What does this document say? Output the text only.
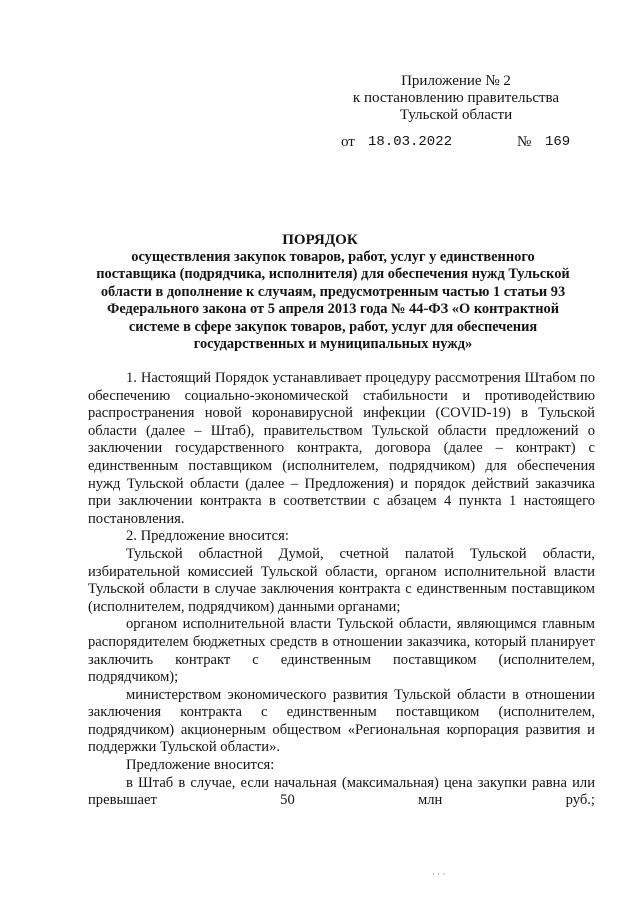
Приложение № 2
к постановлению правительства
Тульской области
от 18.03.2022	№ 169
ПОРЯДОК
осуществления закупок товаров, работ, услуг у единственного поставщика (подрядчика, исполнителя) для обеспечения нужд Тульской области в дополнение к случаям, предусмотренным частью 1 статьи 93 Федерального закона от 5 апреля 2013 года № 44-ФЗ «О контрактной системе в сфере закупок товаров, работ, услуг для обеспечения государственных и муниципальных нужд»

1. Настоящий Порядок устанавливает процедуру рассмотрения Штабом по обеспечению социально-экономической стабильности и противодействию распространения новой коронавирусной инфекции (COVID-19) в Тульской области (далее – Штаб), правительством Тульской области предложений о заключении государственного контракта, договора (далее – контракт) с единственным поставщиком (исполнителем, подрядчиком) для обеспечения нужд Тульской области (далее – Предложения) и порядок действий заказчика при заключении контракта в соответствии с абзацем 4 пункта 1 настоящего постановления.

2. Предложение вносится:

Тульской областной Думой, счетной палатой Тульской области, избирательной комиссией Тульской области, органом исполнительной власти Тульской области в случае заключения контракта с единственным поставщиком (исполнителем, подрядчиком) данными органами;

органом исполнительной власти Тульской области, являющимся главным распорядителем бюджетных средств в отношении заказчика, который планирует заключить контракт с единственным поставщиком (исполнителем, подрядчиком);

министерством экономического развития Тульской области в отношении заключения контракта с единственным поставщиком (исполнителем, подрядчиком) акционерным обществом «Региональная корпорация развития и поддержки Тульской области».

Предложение вносится:

в Штаб в случае, если начальная (максимальная) цена закупки равна или превышает 50 млн руб.;

· · ·
